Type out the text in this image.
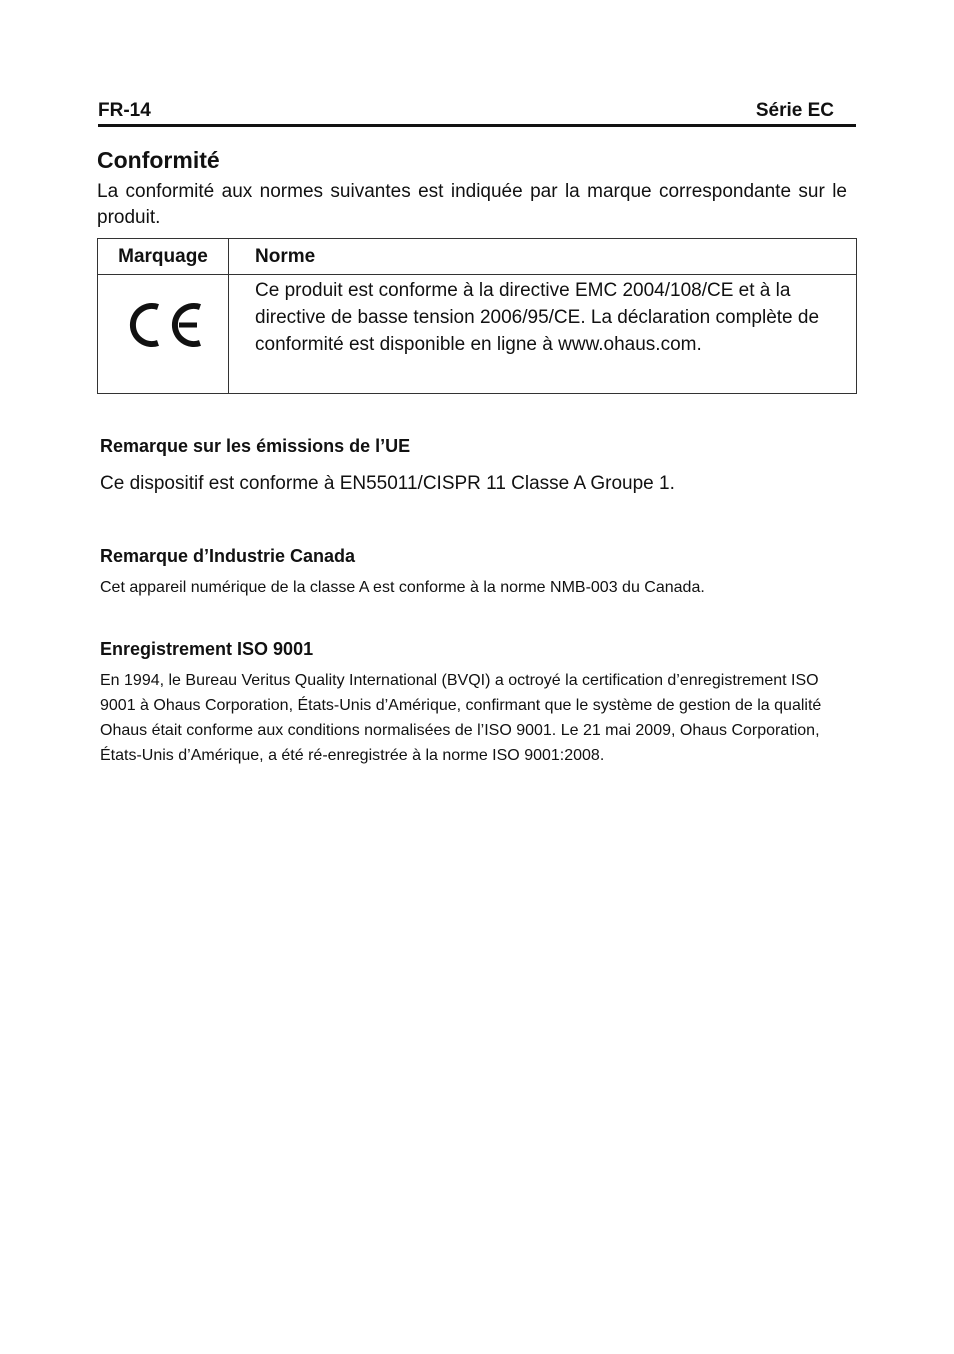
FR-14	Série EC
Conformité

La conformité aux normes suivantes est indiquée par la marque correspondante sur le produit.

Marquage	Norme

	Ce produit est conforme à la directive EMC 2004/108/CE et à la directive de basse tension 2006/95/CE. La déclaration complète de conformité est disponible en ligne à www.ohaus.com.
Remarque sur les émissions de l’UE

Ce dispositif est conforme à EN55011/CISPR 11 Classe A Groupe 1.

Remarque d’Industrie Canada

Cet appareil numérique de la classe A est conforme à la norme NMB-003 du Canada.

Enregistrement ISO 9001

En 1994, le Bureau Veritus Quality International (BVQI) a octroyé la certification d’enregistrement ISO 9001 à Ohaus Corporation, États-Unis d’Amérique, confirmant que le système de gestion de la qualité Ohaus était conforme aux conditions normalisées de l’ISO 9001. Le 21 mai 2009, Ohaus Corporation, États-Unis d’Amérique, a été ré-enregistrée à la norme ISO 9001:2008.
